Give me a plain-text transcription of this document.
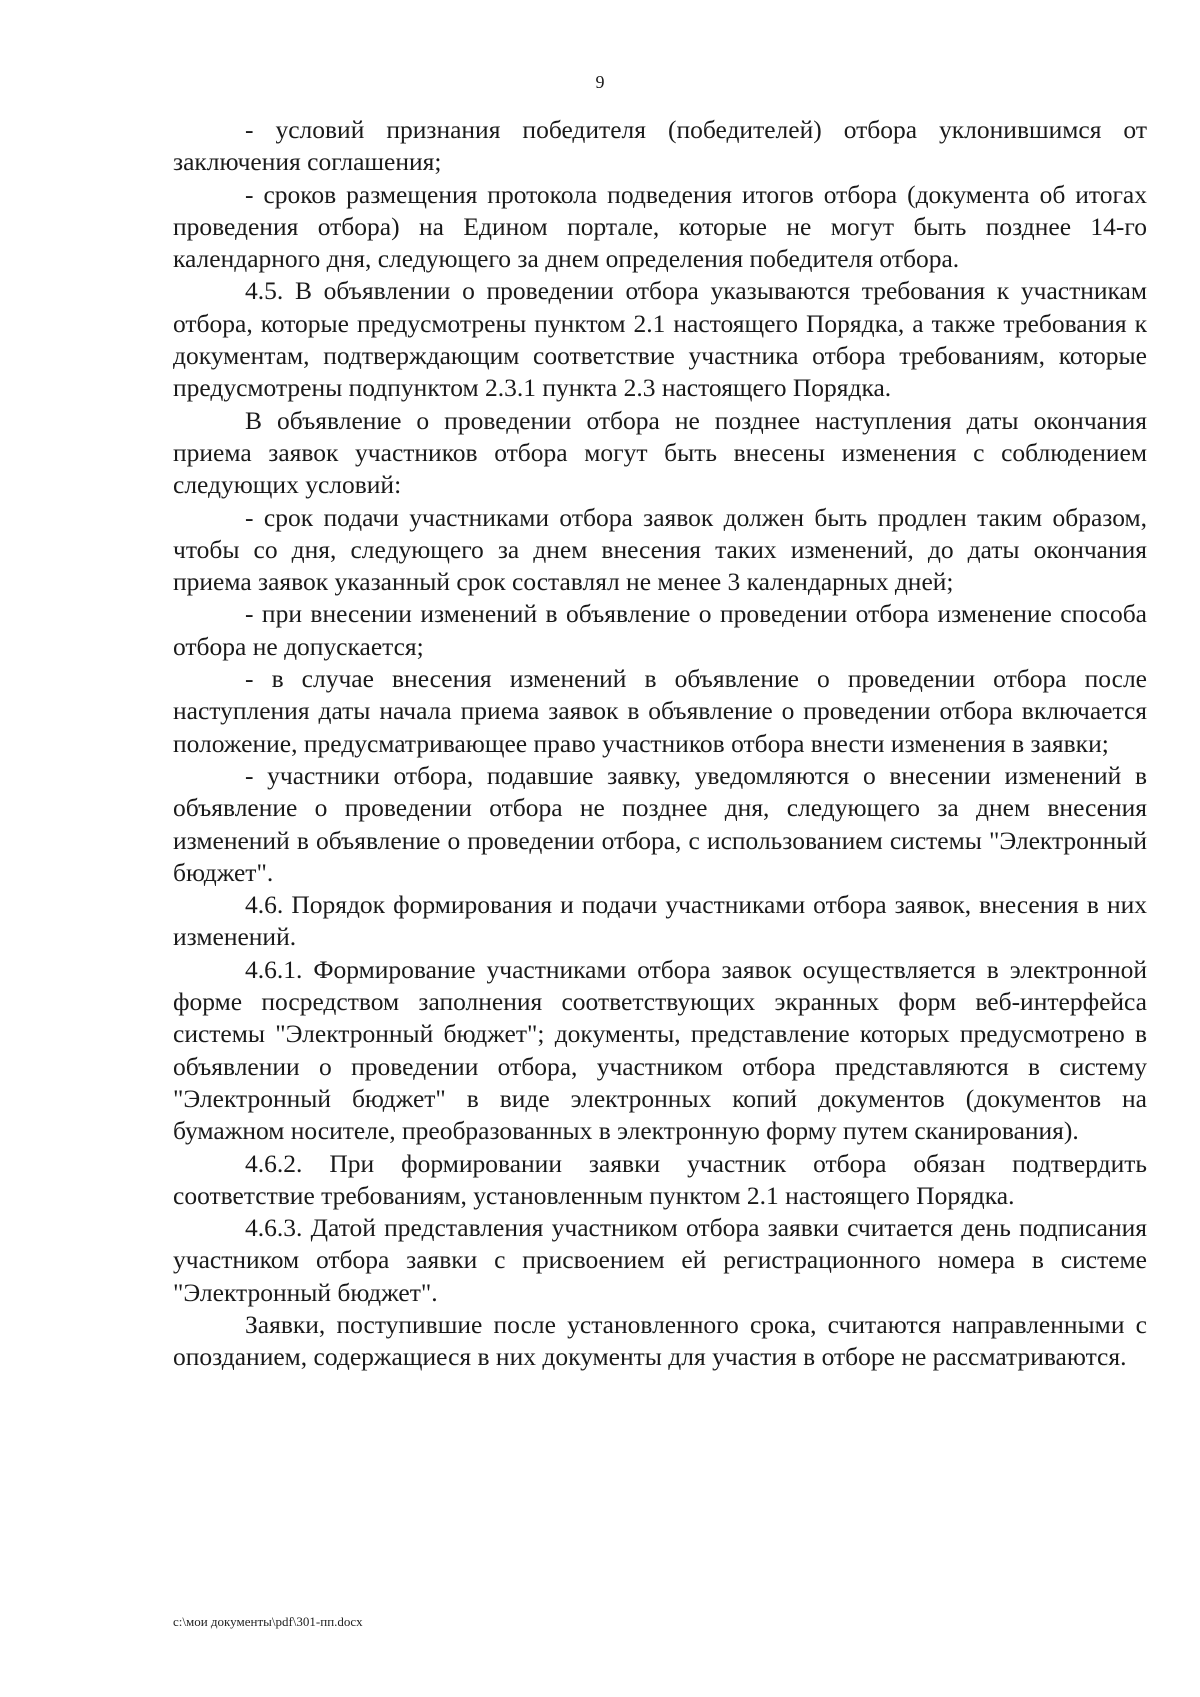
9

- условий признания победителя (победителей) отбора уклонившимся от заключения соглашения;

- сроков размещения протокола подведения итогов отбора (документа об итогах проведения отбора) на Едином портале, которые не могут быть позднее 14-го календарного дня, следующего за днем определения победителя отбора.

4.5. В объявлении о проведении отбора указываются требования к участникам отбора, которые предусмотрены пунктом 2.1 настоящего Порядка, а также требования к документам, подтверждающим соответствие участника отбора требованиям, которые предусмотрены подпунктом 2.3.1 пункта 2.3 настоящего Порядка.

В объявление о проведении отбора не позднее наступления даты окончания приема заявок участников отбора могут быть внесены изменения с соблюдением следующих условий:

- срок подачи участниками отбора заявок должен быть продлен таким образом, чтобы со дня, следующего за днем внесения таких изменений, до даты окончания приема заявок указанный срок составлял не менее 3 календарных дней;

- при внесении изменений в объявление о проведении отбора изменение способа отбора не допускается;

- в случае внесения изменений в объявление о проведении отбора после наступления даты начала приема заявок в объявление о проведении отбора включается положение, предусматривающее право участников отбора внести изменения в заявки;

- участники отбора, подавшие заявку, уведомляются о внесении изменений в объявление о проведении отбора не позднее дня, следующего за днем внесения изменений в объявление о проведении отбора, с использованием системы "Электронный бюджет".

4.6. Порядок формирования и подачи участниками отбора заявок, внесения в них изменений.

4.6.1. Формирование участниками отбора заявок осуществляется в электронной форме посредством заполнения соответствующих экранных форм веб-интерфейса системы "Электронный бюджет"; документы, представление которых предусмотрено в объявлении о проведении отбора, участником отбора представляются в систему "Электронный бюджет" в виде электронных копий документов (документов на бумажном носителе, преобразованных в электронную форму путем сканирования).

4.6.2. При формировании заявки участник отбора обязан подтвердить соответствие требованиям, установленным пунктом 2.1 настоящего Порядка.

4.6.3. Датой представления участником отбора заявки считается день подписания участником отбора заявки с присвоением ей регистрационного номера в системе "Электронный бюджет".

Заявки, поступившие после установленного срока, считаются направленными с опозданием, содержащиеся в них документы для участия в отборе не рассматриваются.

c:\мои документы\pdf\301-пп.docx
